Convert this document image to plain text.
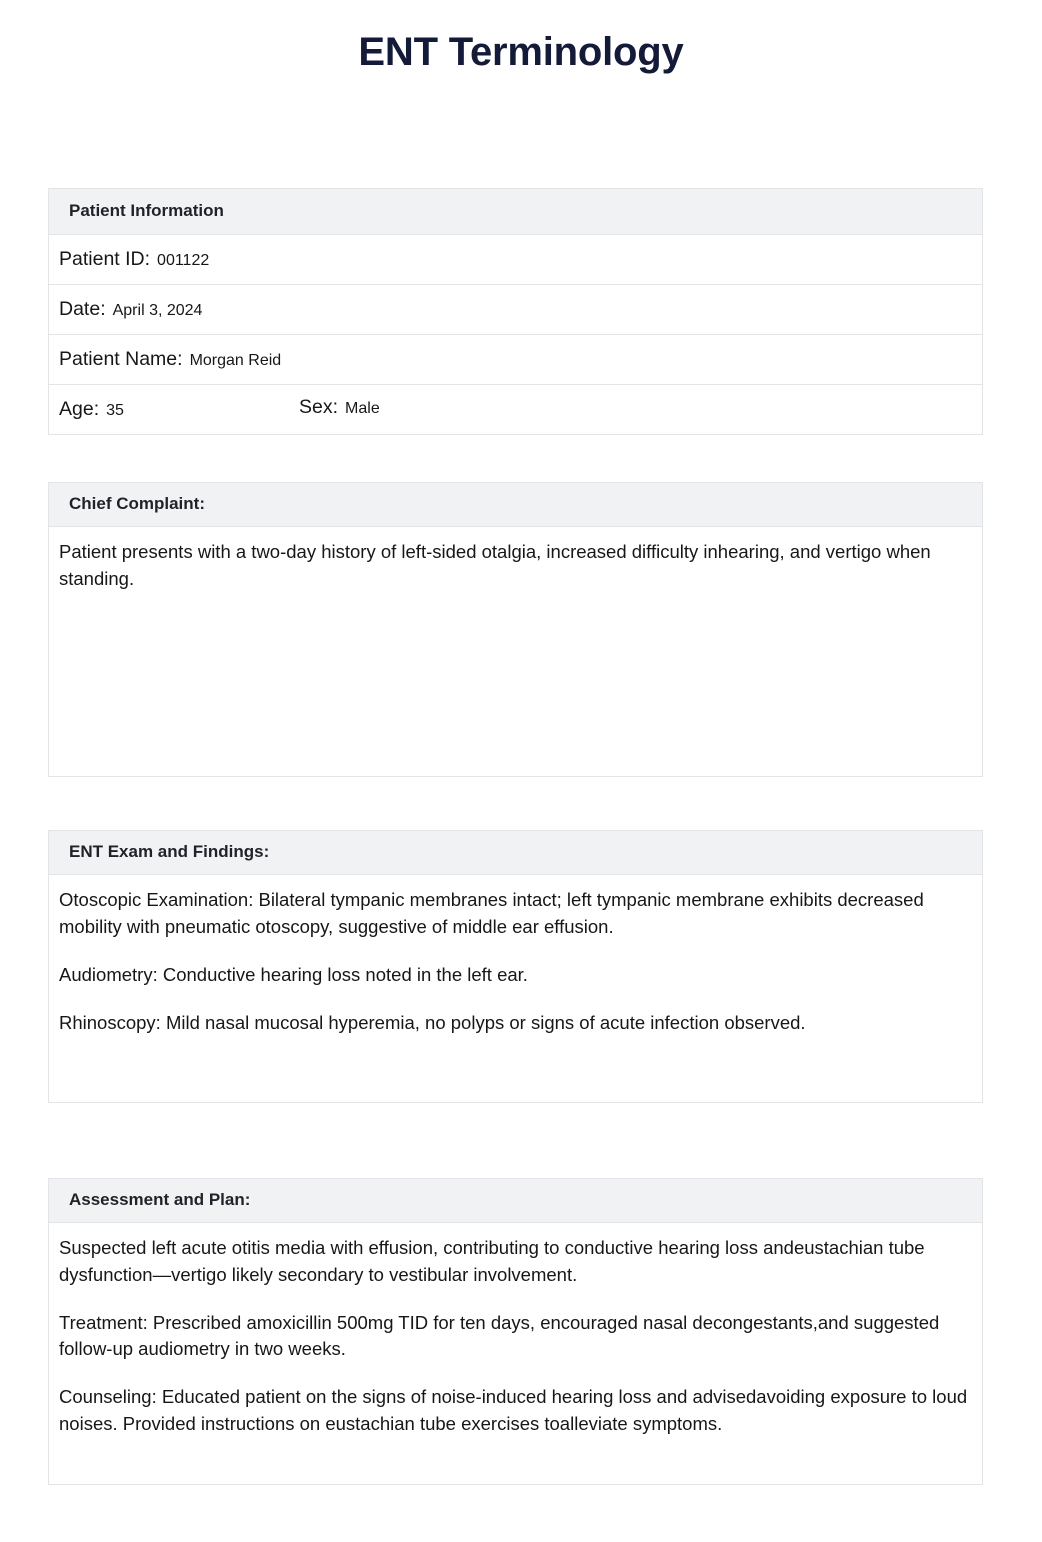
ENT Terminology
Patient Information
Patient ID: 001122
Date: April 3, 2024
Patient Name: Morgan Reid
Age: 35	Sex: Male
Chief Complaint:

Patient presents with a two-day history of left-sided otalgia, increased difficulty inhearing, and vertigo when standing.

ENT Exam and Findings:

Otoscopic Examination: Bilateral tympanic membranes intact; left tympanic membrane exhibits decreased mobility with pneumatic otoscopy, suggestive of middle ear effusion.

Audiometry: Conductive hearing loss noted in the left ear.

Rhinoscopy: Mild nasal mucosal hyperemia, no polyps or signs of acute infection observed.

Assessment and Plan:

Suspected left acute otitis media with effusion, contributing to conductive hearing loss andeustachian tube dysfunction—vertigo likely secondary to vestibular involvement.

Treatment: Prescribed amoxicillin 500mg TID for ten days, encouraged nasal decongestants,and suggested follow-up audiometry in two weeks.

Counseling: Educated patient on the signs of noise-induced hearing loss and advisedavoiding exposure to loud noises. Provided instructions on eustachian tube exercises toalleviate symptoms.
